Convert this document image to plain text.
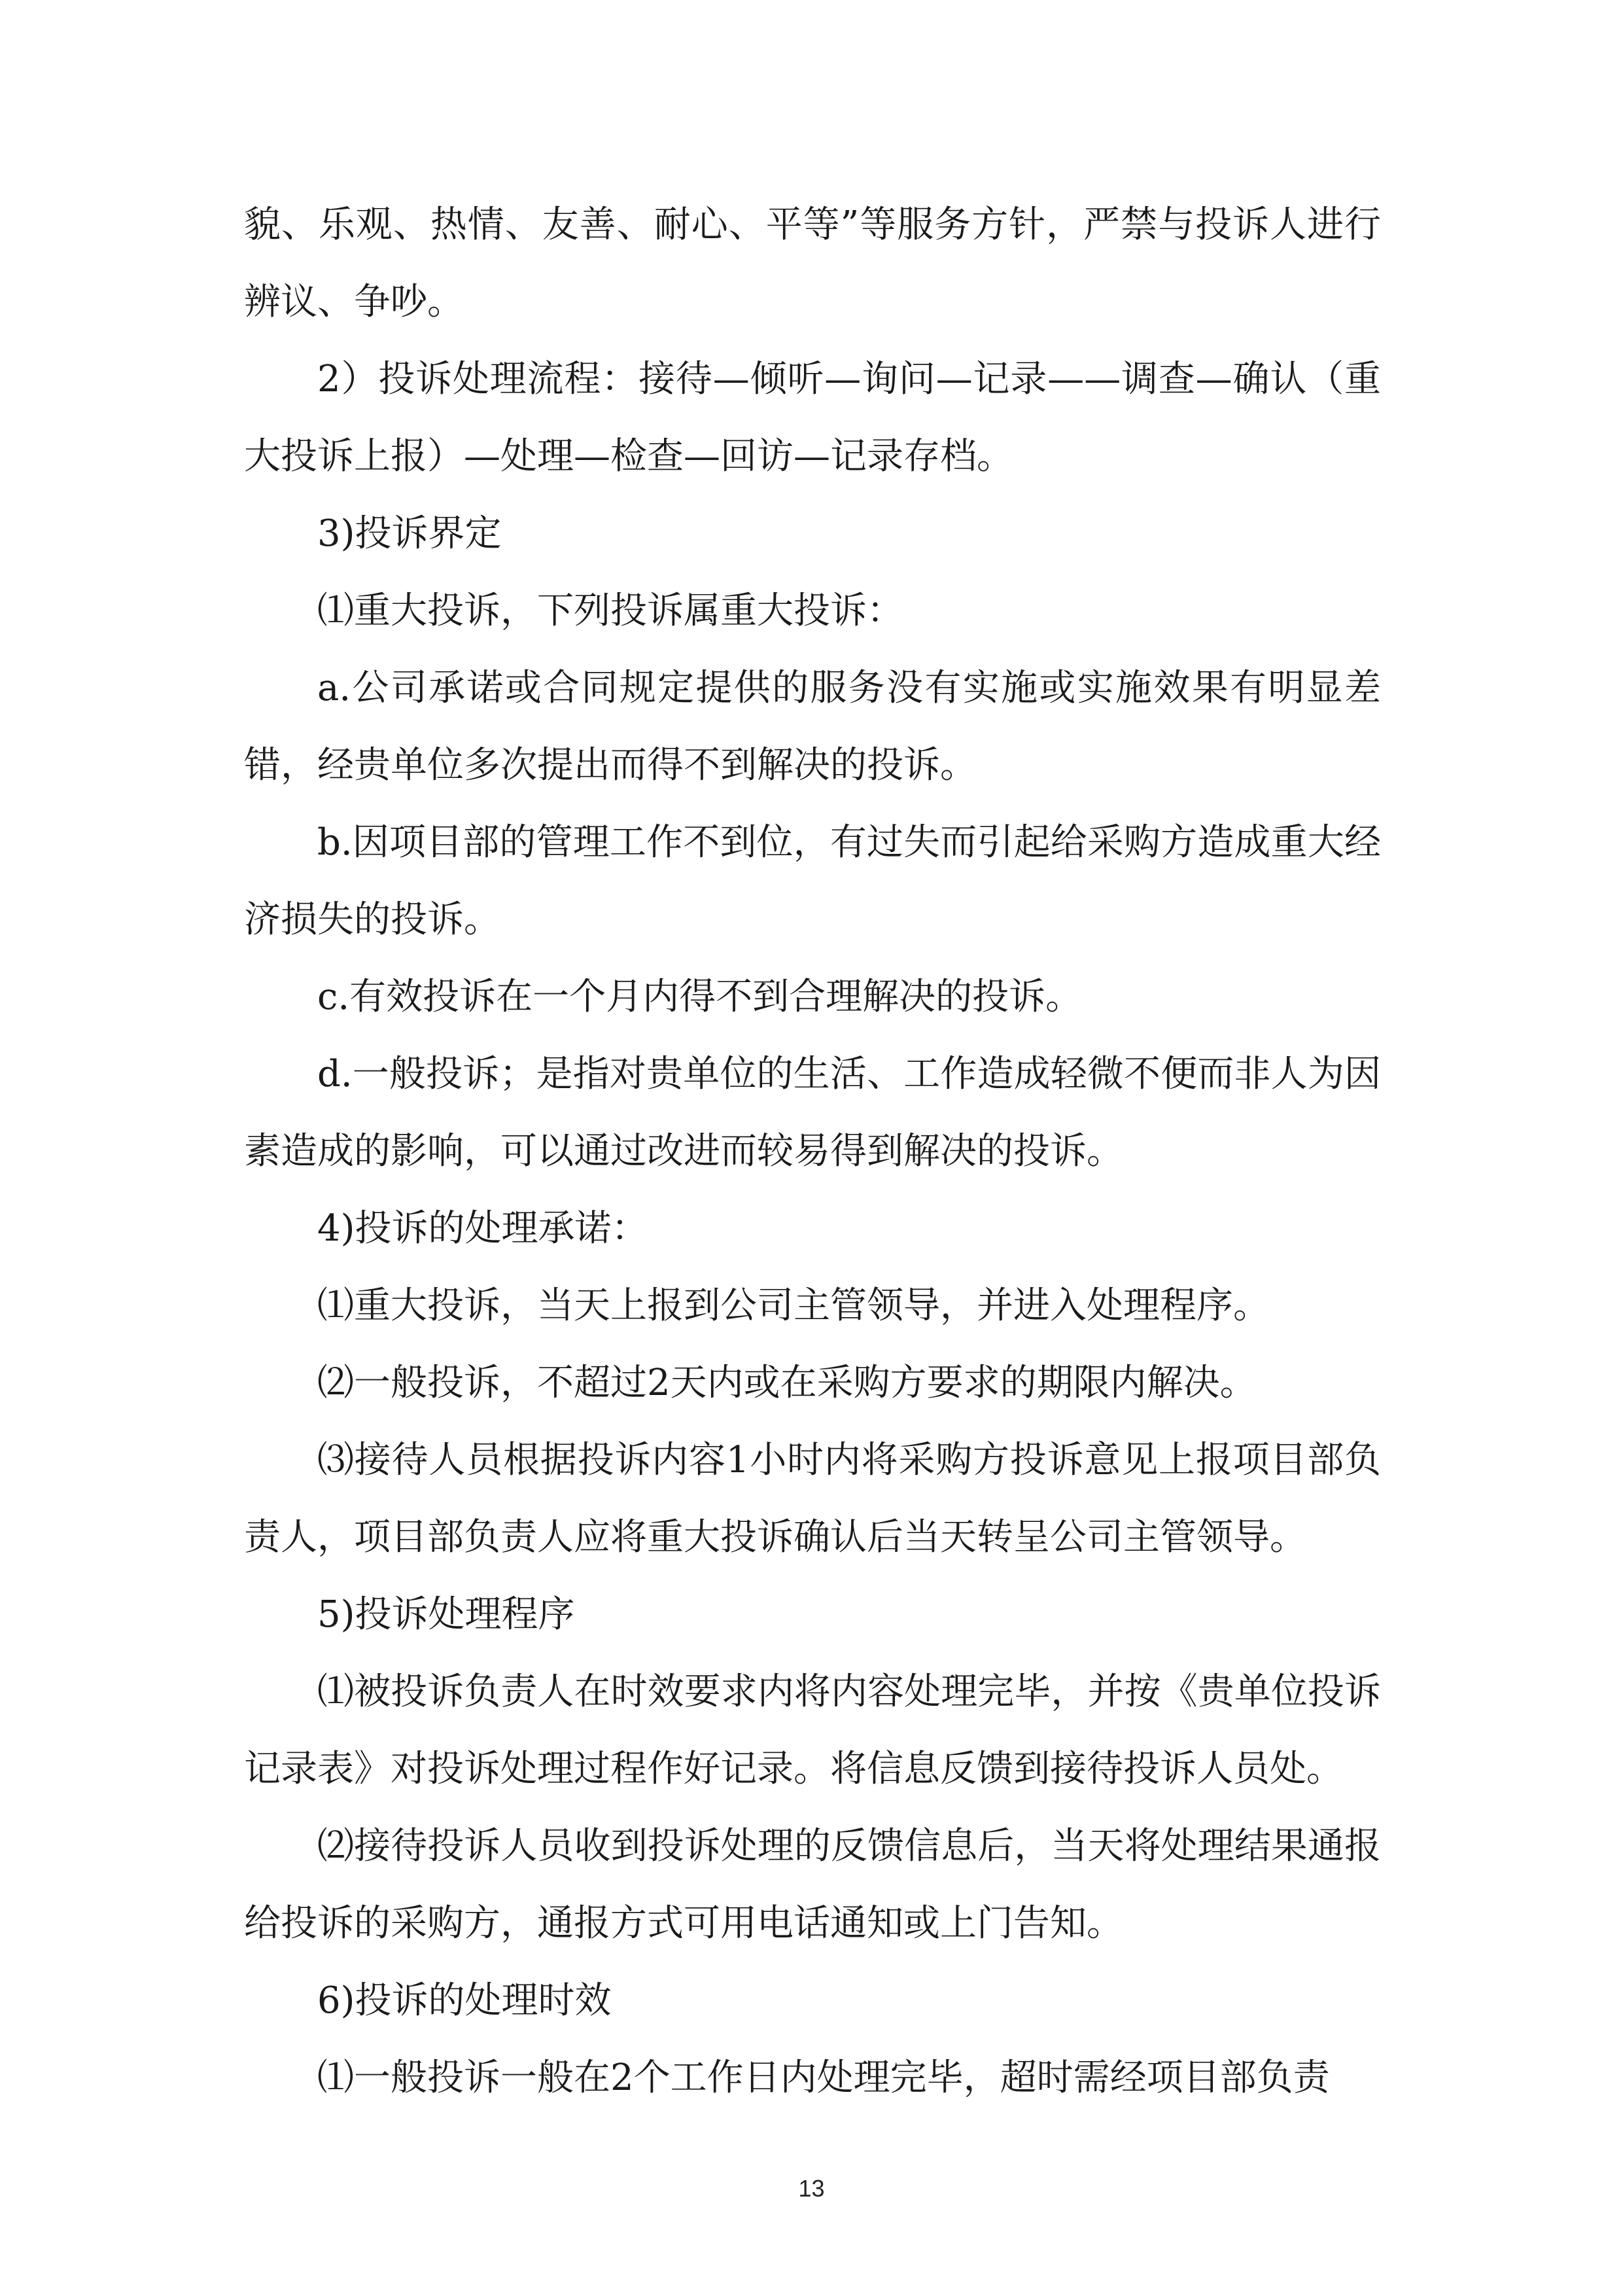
貌、乐观、热情、友善、耐心、平等”等服务方针，严禁与投诉人进行辨议、争吵。

2）投诉处理流程：接待—倾听—询问—记录——调查—确认（重大投诉上报）—处理—检查—回访—记录存档。

3)投诉界定

⑴重大投诉，下列投诉属重大投诉：

a.公司承诺或合同规定提供的服务没有实施或实施效果有明显差错，经贵单位多次提出而得不到解决的投诉。

b.因项目部的管理工作不到位，有过失而引起给采购方造成重大经济损失的投诉。

c.有效投诉在一个月内得不到合理解决的投诉。

d.一般投诉；是指对贵单位的生活、工作造成轻微不便而非人为因素造成的影响，可以通过改进而较易得到解决的投诉。

4)投诉的处理承诺：

⑴重大投诉，当天上报到公司主管领导，并进入处理程序。

⑵一般投诉，不超过2天内或在采购方要求的期限内解决。

⑶接待人员根据投诉内容1小时内将采购方投诉意见上报项目部负责人，项目部负责人应将重大投诉确认后当天转呈公司主管领导。

5)投诉处理程序

⑴被投诉负责人在时效要求内将内容处理完毕，并按《贵单位投诉记录表》对投诉处理过程作好记录。将信息反馈到接待投诉人员处。

⑵接待投诉人员收到投诉处理的反馈信息后，当天将处理结果通报给投诉的采购方，通报方式可用电话通知或上门告知。

6)投诉的处理时效

⑴一般投诉一般在2个工作日内处理完毕，超时需经项目部负责

13
